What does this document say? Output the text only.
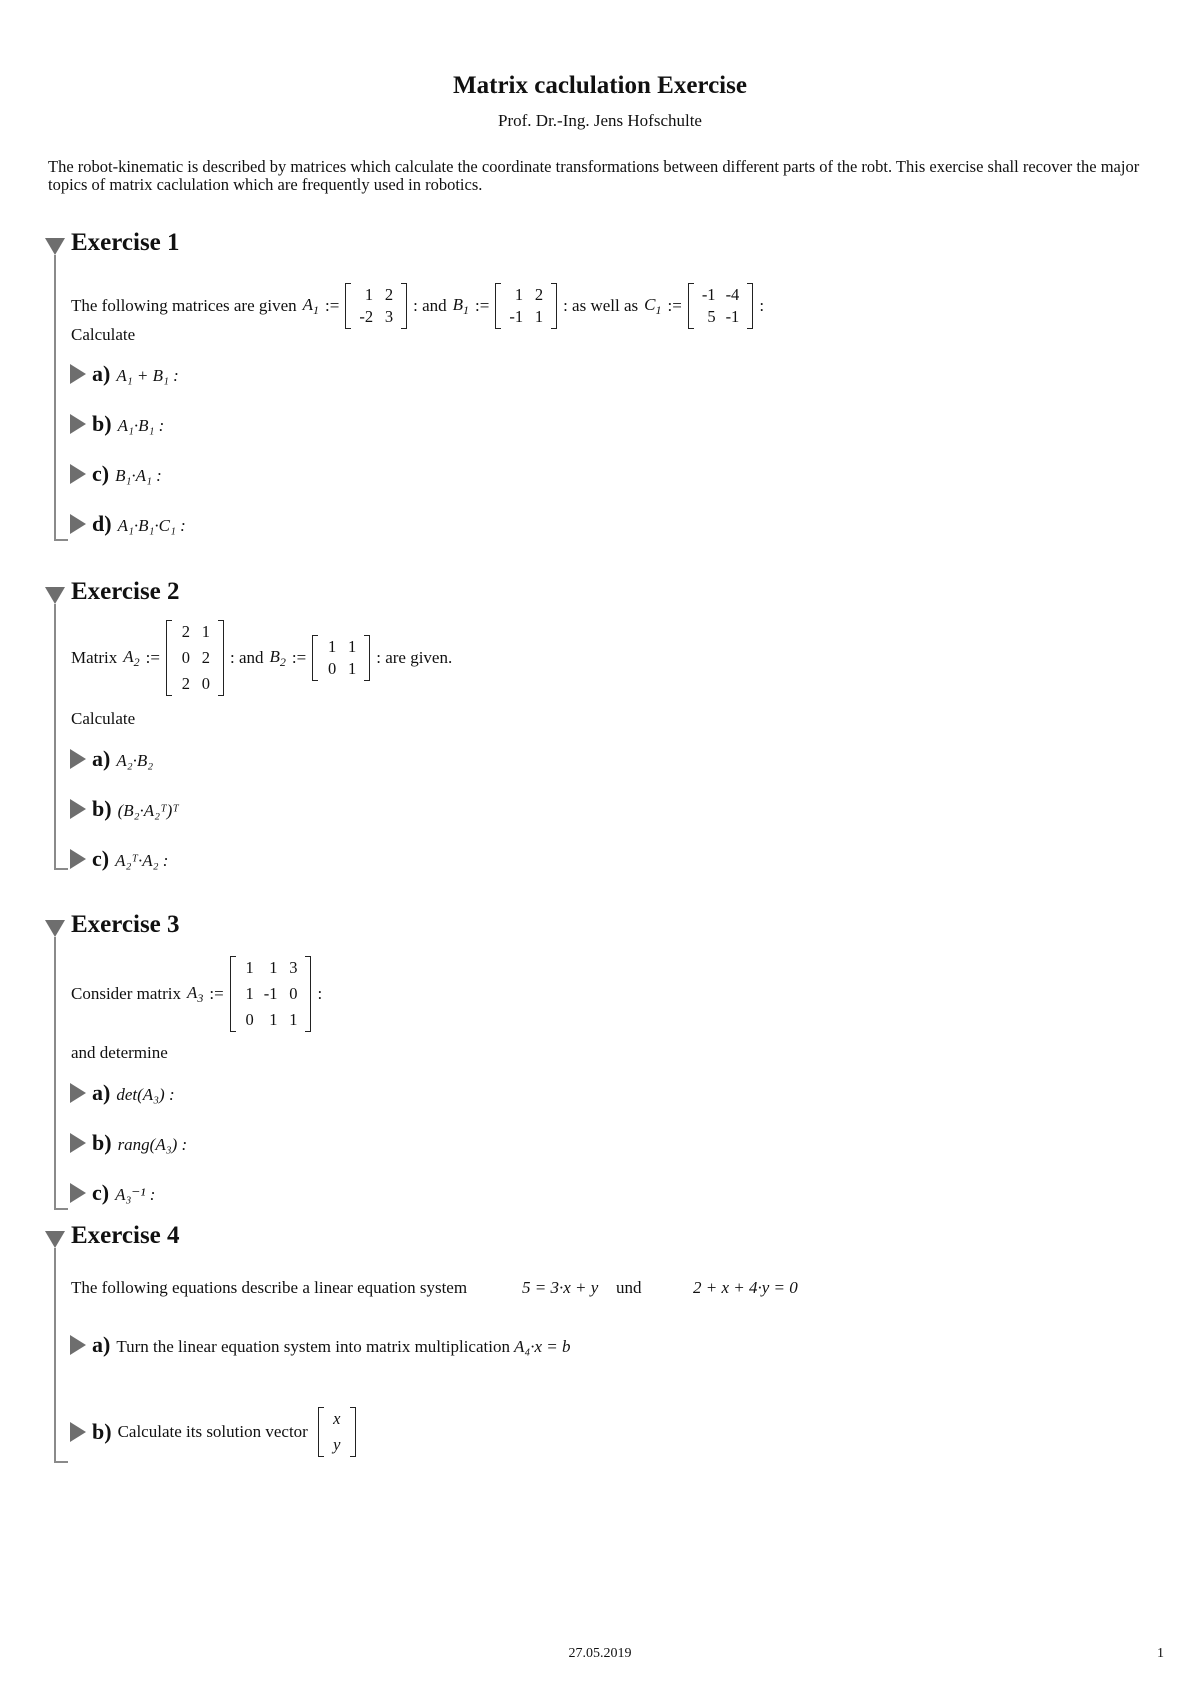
Matrix caclulation Exercise
Prof. Dr.-Ing. Jens Hofschulte
The robot-kinematic is described by matrices which calculate the coordinate transformations between different parts of the robt. This exercise shall recover the major topics of matrix caclulation which are frequently used in robotics.
Exercise 1
The following matrices are given $A_1$ :=
1 2
-2 3
: and $B_1$ :=
1 2
-1 1
: as well as $C_1$ :=
-1 -4
5 -1
:
Calculate
a) A₁ + B₁ :
b) A₁·B₁ :
c) B₁·A₁ :
d) A₁·B₁·C₁ :
Exercise 2
Matrix $A_2$ :=
2 1
0 2
2 0
: and $B_2$ :=
1 1
0 1
: are given.
Calculate
a) A₂·B₂
b) (B₂·A₂ᵀ)ᵀ
c) A₂ᵀ·A₂ :
Exercise 3
Consider matrix $A_3$ :=
1 1 3
1 -1 0
0 1 1
:
and determine
a) det(A₃) :
b) rang(A₃) :
c) A₃⁻¹ :
Exercise 4
The following equations describe a linear equation system	5 = 3·x + y und	2 + x + 4·y = 0
a) Turn the linear equation system into matrix multiplication A₄·x = b
b) Calculate its solution vector
x
y
27.05.2019	1
